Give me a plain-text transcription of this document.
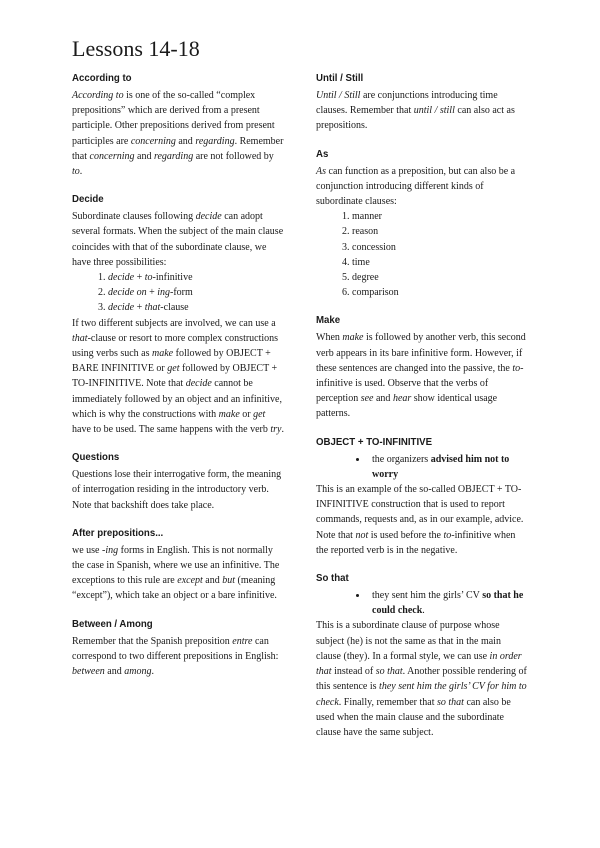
Lessons 14-18
According to

According to is one of the so-called “complex prepositions” which are derived from a present participle. Other prepositions derived from present participles are concerning and regarding. Remember that concerning and regarding are not followed by to.

Decide

Subordinate clauses following decide can adopt several formats. When the subject of the main clause coincides with that of the subordinate clause, we have three possibilities:

1. decide + to-infinitive
2. decide on + ing-form
3. decide + that-clause

If two different subjects are involved, we can use a that-clause or resort to more complex constructions using verbs such as make followed by OBJECT + BARE INFINITIVE or get followed by OBJECT + TO-INFINITIVE. Note that decide cannot be immediately followed by an object and an infinitive, which is why the constructions with make or get have to be used. The same happens with the verb try.

Questions

Questions lose their interrogative form, the meaning of interrogation residing in the introductory verb. Note that backshift does take place.

After prepositions...

we use -ing forms in English. This is not normally the case in Spanish, where we use an infinitive. The exceptions to this rule are except and but (meaning “except”), which take an object or a bare infinitive.

Between / Among

Remember that the Spanish preposition entre can correspond to two different prepositions in English: between and among.

Until / Still

Until / Still are conjunctions introducing time clauses. Remember that until / still can also act as prepositions.

As

As can function as a preposition, but can also be a conjunction introducing different kinds of subordinate clauses:

1. manner
2. reason
3. concession
4. time
5. degree
6. comparison
Make

When make is followed by another verb, this second verb appears in its bare infinitive form. However, if these sentences are changed into the passive, the to-infinitive is used. Observe that the verbs of perception see and hear show identical usage patterns.

OBJECT + TO-INFINITIVE
• the organizers advised him not to worry

This is an example of the so-called OBJECT + TO-INFINITIVE construction that is used to report commands, requests and, as in our example, advice. Note that not is used before the to-infinitive when the reported verb is in the negative.

So that
• they sent him the girls’ CV so that he could check.

This is a subordinate clause of purpose whose subject (he) is not the same as that in the main clause (they). In a formal style, we can use in order that instead of so that. Another possible rendering of this sentence is they sent him the girls’ CV for him to check. Finally, remember that so that can also be used when the main clause and the subordinate clause have the same subject.
